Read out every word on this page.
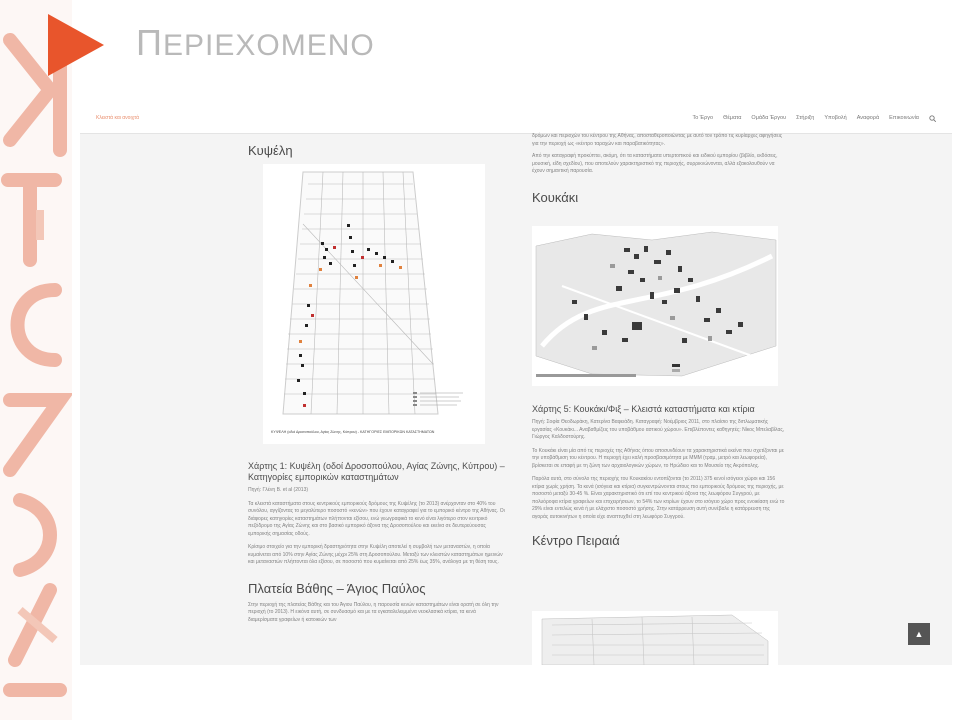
ΠΕΡΙΕΧΟΜΕΝΟ
Κλειστά και ανοιχτά	Το Έργο Θέματα Ομάδα Έργου Στήριξη Υποβολή Αναφορά Επικοινωνία
Κυψέλη
ΚΥΨΕΛΗ (οδοί Δροσοπούλου, Αγίας Ζώνης, Κύπρου) - ΚΑΤΗΓΟΡΙΕΣ ΕΜΠΟΡΙΚΩΝ ΚΑΤΑΣΤΗΜΑΤΩΝ
Χάρτης 1: Κυψέλη (οδοί Δροσοπούλου, Αγίας Ζώνης, Κύπρου) – Κατηγορίες εμπορικών καταστημάτων

Πηγή: Γλένη Β. et al (2013)

Τα κλειστά καταστήματα στους κεντρικούς εμπορικούς δρόμους της Κυψέλης (το 2013) ανέρχονταν στο 40% του συνόλου, αγγίζοντας το μεγαλύτερο ποσοστό «κενών» που έχουν καταγραφεί για το εμπορικό κέντρο της Αθήνας. Οι διάφορες κατηγορίες καταστημάτων πλήττονται εξίσου, ενώ γεωγραφικά το κενό είναι λιγότερο στον κεντρικό πεζόδρομο της Αγίας Ζώνης και στο βασικό εμπορικό άξονα της Δροσοπούλου και εκείνα σε δευτερεύουσας εμπορικής σημασίας οδούς.

Κρίσιμο στοιχείο για την εμπορική δραστηριότητα στην Κυψέλη αποτελεί η συμβολή των μεταναστών, η οποία κυμαίνεται από 10% στην Αγίας Ζώνης μέχρι 25% στη Δροσοπούλου. Μεταξύ των κλειστών καταστημάτων ημεινών και μεταναστών πλήττονται όλα εξίσου, σε ποσοστό που κυμαίνεται από 25% έως 35%, ανάλογα με τη θέση τους.

Πλατεία Βάθης – Άγιος Παύλος

Στην περιοχή της πλατείας Βάθης και του Άγιου Παύλου, η παρουσία κενών καταστημάτων είναι ορατή σε όλη την περιοχή (το 2013). Η εικόνα αυτή, σε συνδυασμό και με τα εγκαταλελειμμένα νεοκλασικά κτίρια, τα κενά διαμερίσματα γραφείων ή κατοικιών των

δρόμων και περιοχών του κέντρου της Αθήνας, αποσταθεροποιώντας με αυτό τον τρόπο τις κυρίαρχες αφηγήσεις για την περιοχή ως «κέντρο ταραχών και παραβατικότητας».

Από την καταγραφή προκύπτει, ακόμη, ότι τα καταστήματα υπερτοπικού και ειδικού εμπορίου (βιβλίο, εκδόσεις, μουσική, είδη σχεδίου), που αποτελούν χαρακτηριστικό της περιοχής, συρρικνώνονται, αλλά εξακολουθούν να έχουν σημαντική παρουσία.

Κουκάκι
Χάρτης 5: Κουκάκι/Φιξ – Κλειστά καταστήματα και κτίρια

Πηγή: Σοφία Θεοδωράκη, Κατερίνα Βαφειάδη. Καταγραφή: Νοέμβριος 2011, στο πλαίσιο της διπλωματικής εργασίας «Κουκάκι... Αναβαθμίζεις του υποβάθμου αστικού χώρου». Επιβλέποντες καθηγητές: Νίκος Μπελαβίλας, Γιώργος Καλδοστούρης.

Το Κουκάκι είναι μία από τις περιοχές της Αθήνας όπου αποσυνδέουν τα χαρακτηριστικά εκείνα που σχετίζονται με την υποβάθμιση του κέντρου. Η περιοχή έχει καλή προσβασιμότητα με ΜΜΜ (τραμ, μετρό και λεωφορεία), βρίσκεται σε επαφή με τη ζώνη των αρχαιολογικών χώρων, το Ηρώδειο και το Μουσείο της Ακρόπολης.

Παρόλα αυτά, στο σύνολο της περιοχής του Κουκακίου εντοπίζονται (το 2011) 375 κενοί ισόγειοι χώροι και 156 κτίρια χωρίς χρήση. Τα κενά (ισόγεια και κτίρια) συγκεντρώνονται στους πιο εμπορικούς δρόμους της περιοχής, με ποσοστό μεταξύ 30-45 %. Είναι χαρακτηριστικό ότι επί του κεντρικού άξονα της λεωφόρου Συγγρού, με πολυόροφα κτίρια γραφείων και επιχειρήσεων, το 54% των κτιρίων έχουν στο ισόγειο χώρο προς ενοικίαση ενώ το 29% είναι εντελώς κενά ή με ελάχιστο ποσοστό χρήσης. Στην κατάρρευση αυτή συνέβαλε η κατάρρευση της αγοράς αυτοκινήτων η οποία είχε αναπτυχθεί στη λεωφόρο Συγγρού.

Κέντρο Πειραιά
▲
